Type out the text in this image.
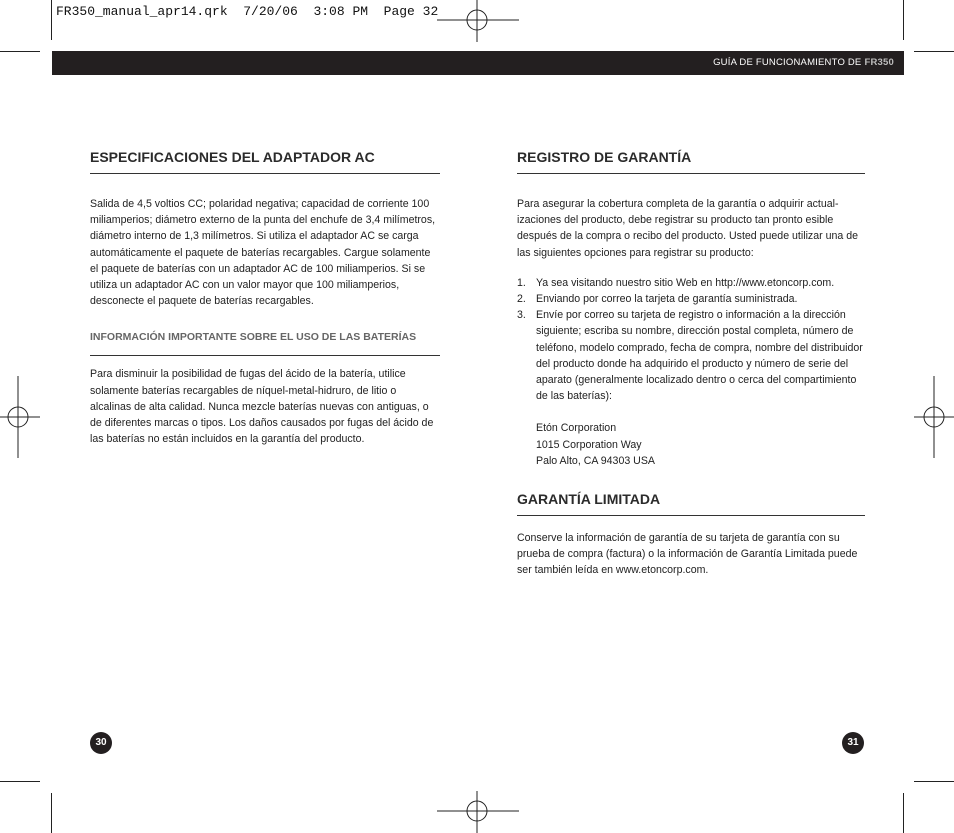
FR350_manual_apr14.qrk  7/20/06  3:08 PM  Page 32
GUÍA DE FUNCIONAMIENTO DE FR350
ESPECIFICACIONES DEL ADAPTADOR AC

Salida de 4,5 voltios CC; polaridad negativa; capacidad de corriente 100 miliamperios; diámetro externo de la punta del enchufe de 3,4 milímetros, diámetro interno de 1,3 milímetros. Si utiliza el adaptador AC se carga automáticamente el paquete de baterías recargables. Cargue solamente el paquete de baterías con un adaptador AC de 100 miliamperios. Si se utiliza un adaptador AC con un valor mayor que 100 miliamperios, desconecte el paquete de baterías recargables.

INFORMACIÓN IMPORTANTE SOBRE EL USO DE LAS BATERÍAS

Para disminuir la posibilidad de fugas del ácido de la batería, utilice solamente baterías recargables de níquel-metal-hidruro, de litio o alcalinas de alta calidad. Nunca mezcle baterías nuevas con antiguas, o de diferentes marcas o tipos. Los daños causados por fugas del ácido de las baterías no están incluidos en la garantía del producto.

REGISTRO DE GARANTÍA

Para asegurar la cobertura completa de la garantía o adquirir actual-izaciones del producto, debe registrar su producto tan pronto esible después de la compra o recibo del producto. Usted puede utilizar una de las siguientes opciones para registrar su producto:

1. Ya sea visitando nuestro sitio Web en http://www.etoncorp.com.
2. Enviando por correo la tarjeta de garantía suministrada.
3. Envíe por correo su tarjeta de registro o información a la dirección siguiente; escriba su nombre, dirección postal completa, número de teléfono, modelo comprado, fecha de compra, nombre del distribuidor del producto donde ha adquirido el producto y número de serie del aparato (generalmente localizado dentro o cerca del compartimiento de las baterías):

Etón Corporation

1015 Corporation Way

Palo Alto, CA 94303 USA

GARANTÍA LIMITADA

Conserve la información de garantía de su tarjeta de garantía con su prueba de compra (factura) o la información de Garantía Limitada puede ser también leída en www.etoncorp.com.

30	31
